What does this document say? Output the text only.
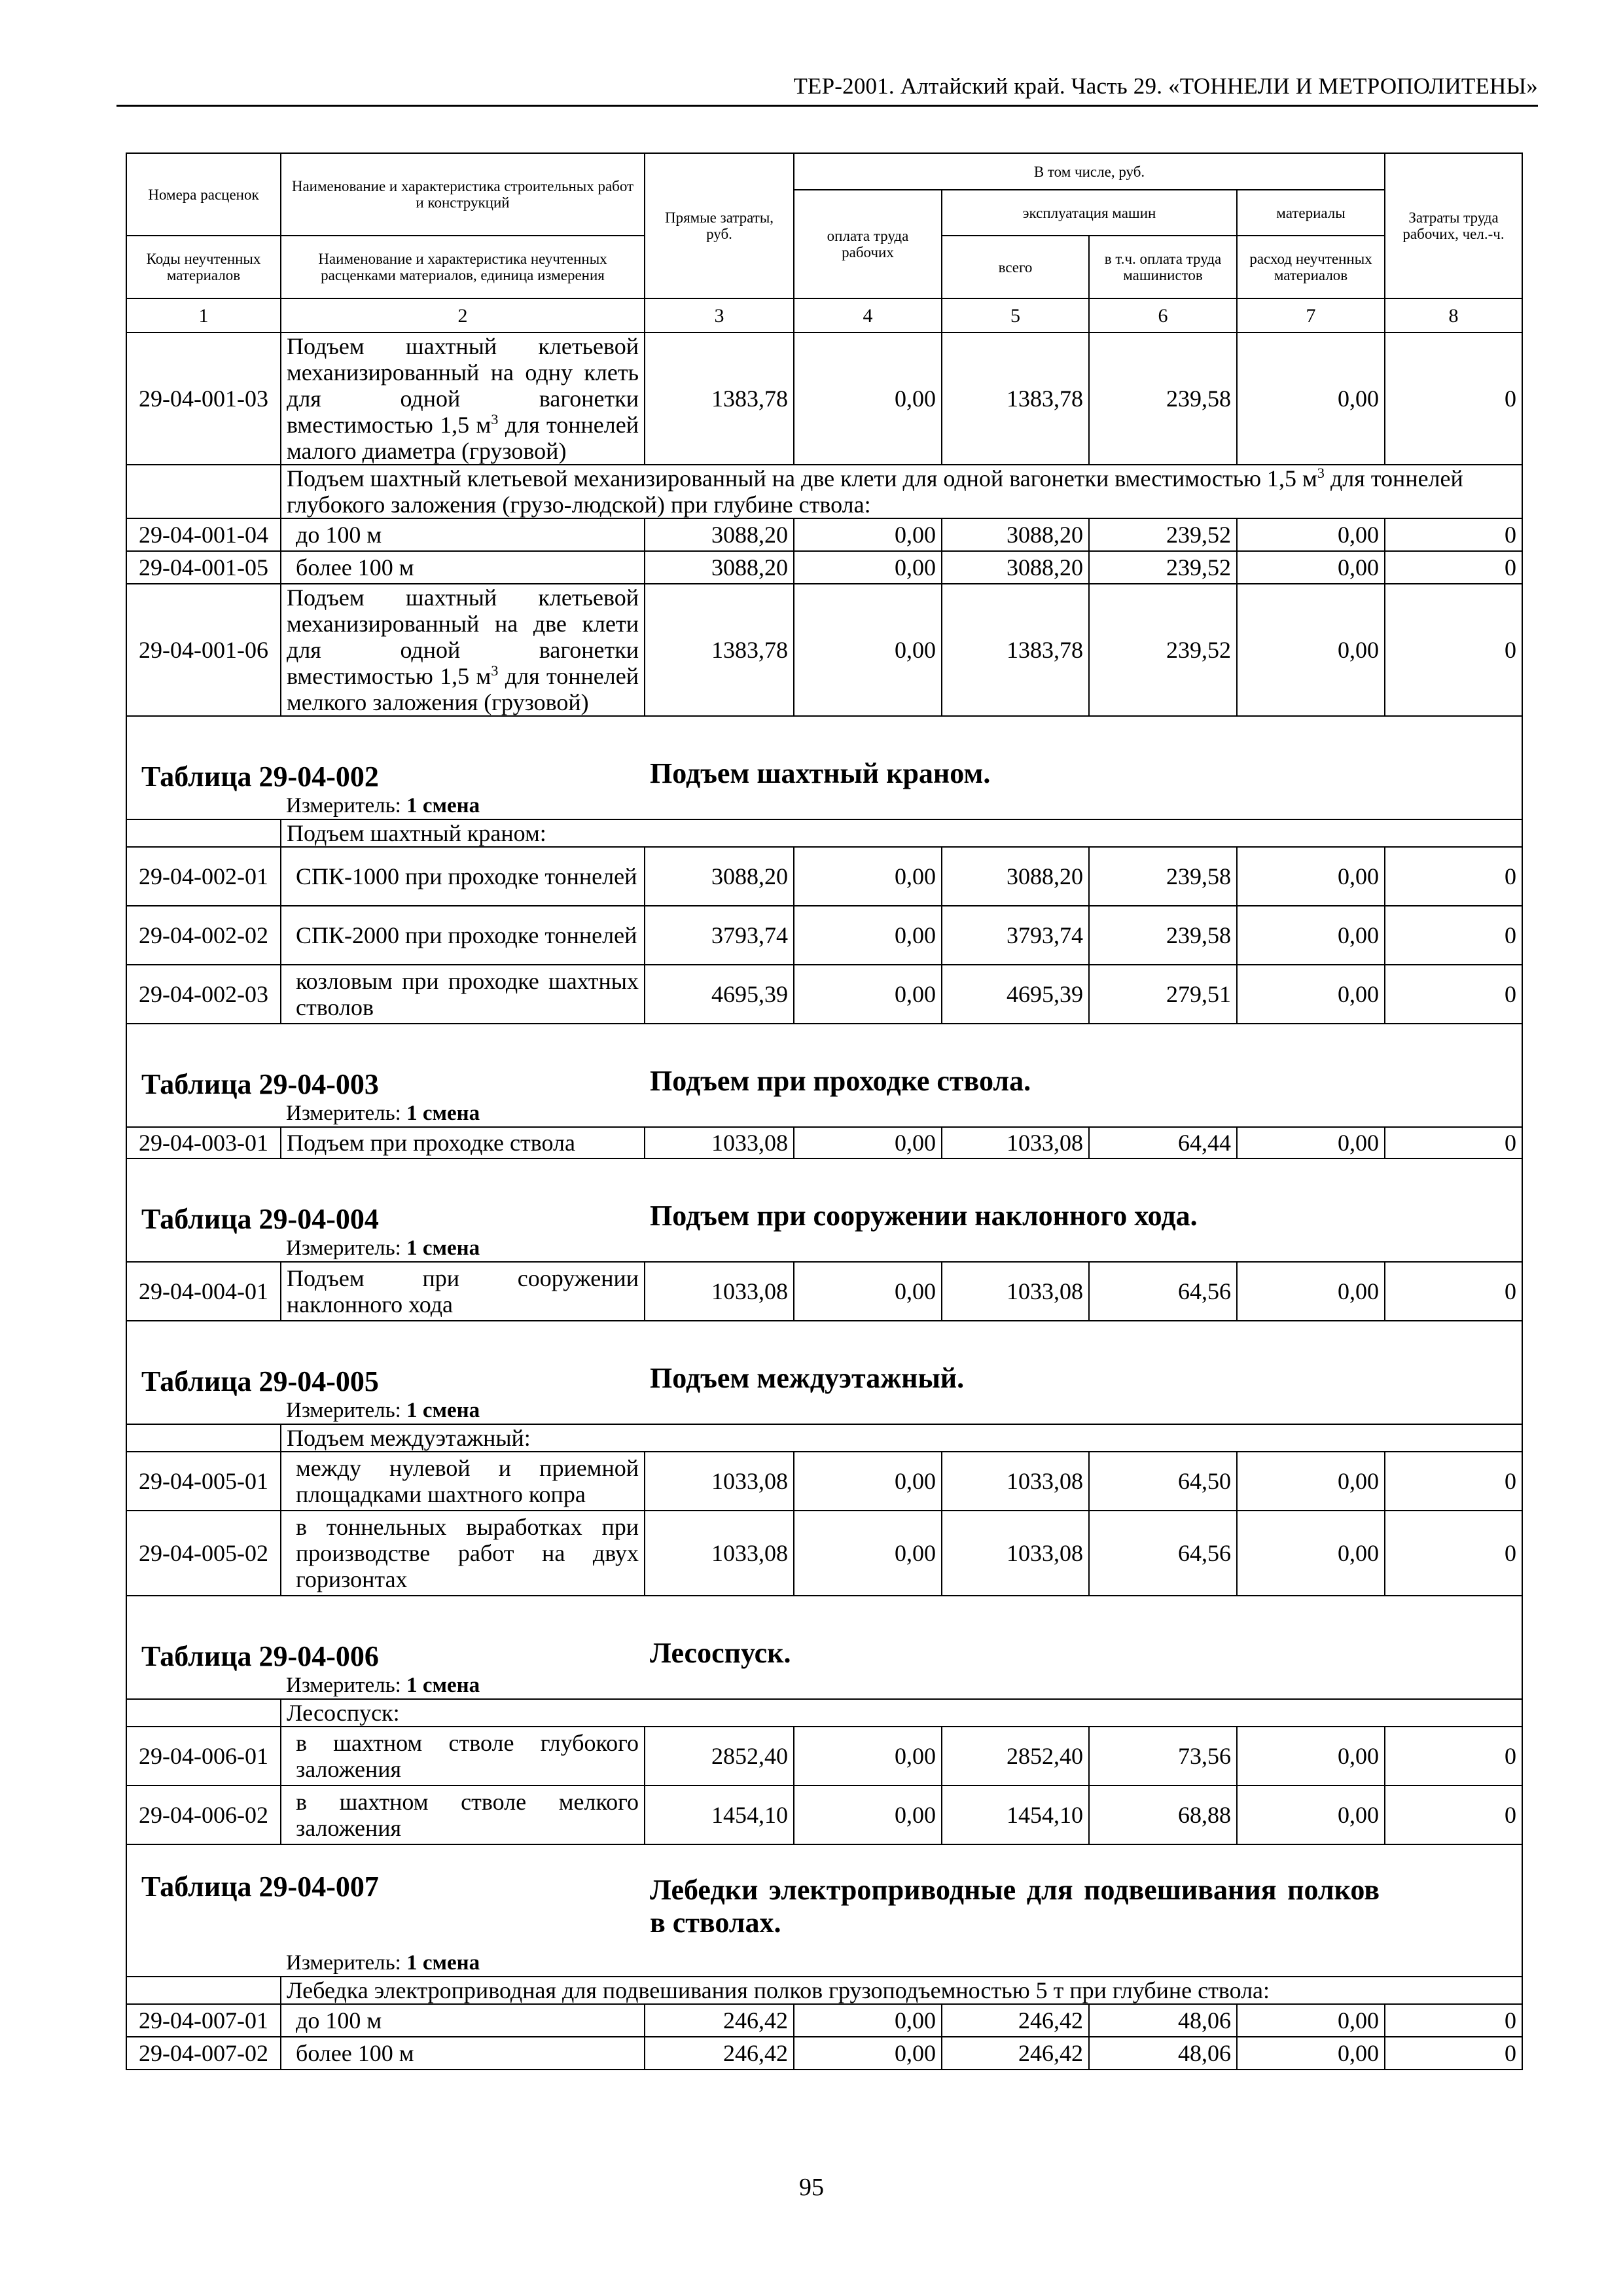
ТЕР-2001. Алтайский край. Часть 29. «ТОННЕЛИ И МЕТРОПОЛИТЕНЫ»
Номера расценок	Наименование и характеристика строительных работ и конструкций	Прямые затраты, руб.	В том числе, руб.				Затраты труда рабочих, чел.-ч.
			оплата труда рабочих	эксплуатация машин		материалы	
Коды неучтенных материалов	Наименование и характеристика неучтенных расценками материалов, единица измерения			всего	в т.ч. оплата труда машинистов	расход неучтенных материалов	
1	2	3	4	5	6	7	8
29-04-001-03	Подъем шахтный клетьевой механизированный на одну клеть для одной вагонетки вместимостью 1,5 $м^3$ для тоннелей малого диаметра (грузовой)	1383,78	0,00	1383,78	239,58	0,00	0
	Подъем шахтный клетьевой механизированный на две клети для одной вагонетки вместимостью 1,5 $м^3$ для тоннелей глубокого заложения (грузо-людской) при глубине ствола:						
29-04-001-04	до 100 м	3088,20	0,00	3088,20	239,52	0,00	0
29-04-001-05	более 100 м	3088,20	0,00	3088,20	239,52	0,00	0
29-04-001-06	Подъем шахтный клетьевой механизированный на две клети для одной вагонетки вместимостью 1,5 $м^3$ для тоннелей мелкого заложения (грузовой)	1383,78	0,00	1383,78	239,52	0,00	0

Таблица 29-04-002		Подъем шахтный краном.					

	Измеритель: 1 смена						
	Подъем шахтный краном:						
29-04-002-01	СПК-1000 при проходке тоннелей	3088,20	0,00	3088,20	239,58	0,00	0
29-04-002-02	СПК-2000 при проходке тоннелей	3793,74	0,00	3793,74	239,58	0,00	0
29-04-002-03	козловым при проходке шахтных стволов	4695,39	0,00	4695,39	279,51	0,00	0

Таблица 29-04-003		Подъем при проходке ствола.					

	Измеритель: 1 смена						
29-04-003-01	Подъем при проходке ствола	1033,08	0,00	1033,08	64,44	0,00	0

Таблица 29-04-004		Подъем при сооружении наклонного хода.					

	Измеритель: 1 смена						
29-04-004-01	Подъем при сооружении наклонного хода	1033,08	0,00	1033,08	64,56	0,00	0

Таблица 29-04-005		Подъем междуэтажный.					

	Измеритель: 1 смена						
	Подъем междуэтажный:						
29-04-005-01	между нулевой и приемной площадками шахтного копра	1033,08	0,00	1033,08	64,50	0,00	0
29-04-005-02	в тоннельных выработках при производстве работ на двух горизонтах	1033,08	0,00	1033,08	64,56	0,00	0

Таблица 29-04-006		Лесоспуск.					

	Измеритель: 1 смена						
	Лесоспуск:						
29-04-006-01	в шахтном стволе глубокого заложения	2852,40	0,00	2852,40	73,56	0,00	0
29-04-006-02	в шахтном стволе мелкого заложения	1454,10	0,00	1454,10	68,88	0,00	0

Таблица 29-04-007		Лебедки электроприводные для подвешивания полков в стволах.					

	Измеритель: 1 смена						
	Лебедка электроприводная для подвешивания полков грузоподъемностью 5 т при глубине ствола:						
29-04-007-01	до 100 м	246,42	0,00	246,42	48,06	0,00	0
29-04-007-02	более 100 м	246,42	0,00	246,42	48,06	0,00	0
95
